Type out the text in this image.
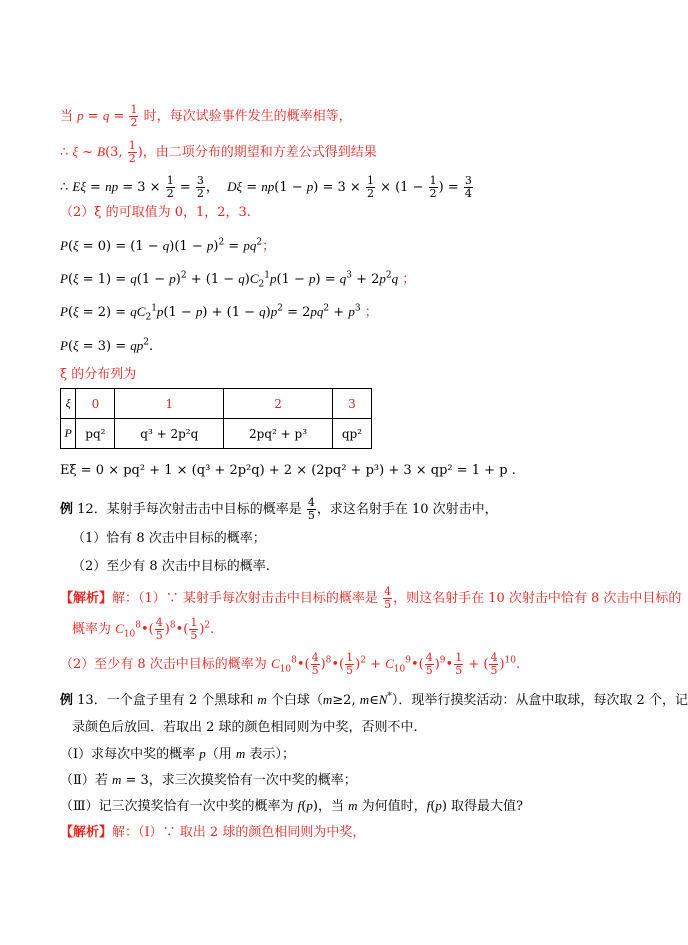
当 $p = q = \frac{1}{2}$ 时，每次试验事件发生的概率相等，
∴ ξ ~ B(3, $\frac{1}{2}$ )，由二项分布的期望和方差公式得到结果
∴ Eξ = np = $3 \times \frac{1}{2} = \frac{3}{2}$ ，  $D\xi = np(1 - p) = 3 \times \frac{1}{2} \times (1 - \frac{1}{2}$ ) = $\frac{3}{4}$
（2）ξ 的可取值为 0，1，2，3.
$P(\xi = 0) = (1 - q)(1 - p)^2 = pq^2$；
$P(\xi = 1) = q(1 - p)^2 + (1 - q)C_2^1p(1 - p) = q^3 + 2p^2q$ ；
$P(\xi = 2) = qC_2^1p(1 - p) + (1 - q)p^2 = 2pq^2 + p^3$ ；
$P(\xi = 3) = qp^2$.
ξ 的分布列为
ξ	0	1	2	3
P	pq²	q³ + 2p²q	2pq² + p³	qp²
Eξ = 0 × pq² + 1 × (q³ + 2p²q) + 2 × (2pq² + p³) + 3 × qp² = 1 + p .
例 12．某射手每次射击击中目标的概率是 $\frac{4}{5}$ ，求这名射手在 10 次射击中，
（1）恰有 8 次击中目标的概率；
（2）至少有 8 次击中目标的概率.
【解析】解：（1）∵ 某射手每次射击击中目标的概率是 $\frac{4}{5}$ ，则这名射手在 10 次射击中恰有 8 次击中目标的
概率为 $C_{10}^8•( \frac{4}{5}$ )$^8$•( $\frac{1}{5} )^2$.
（2）至少有 8 次击中目标的概率为 $C_{10}^8•( \frac{4}{5}$ )$^8$•( $\frac{1}{5} )^2$ + $C_{10}^9•( \frac{4}{5}$ )$^9$• $\frac{1}{5}$ + ( $\frac{4}{5} )^{10}$.
例 13．一个盒子里有 2 个黑球和 m 个白球（m≥2, m∈N*）．现举行摸奖活动：从盒中取球，每次取 2 个，记
录颜色后放回．若取出 2 球的颜色相同则为中奖，否则不中.
（Ⅰ）求每次中奖的概率 p（用 m 表示）；
（Ⅱ）若 m = 3，求三次摸奖恰有一次中奖的概率；
（Ⅲ）记三次摸奖恰有一次中奖的概率为 f(p)，当 m 为何值时，f(p) 取得最大值?
【解析】解：（Ⅰ）∵ 取出 2 球的颜色相同则为中奖，
